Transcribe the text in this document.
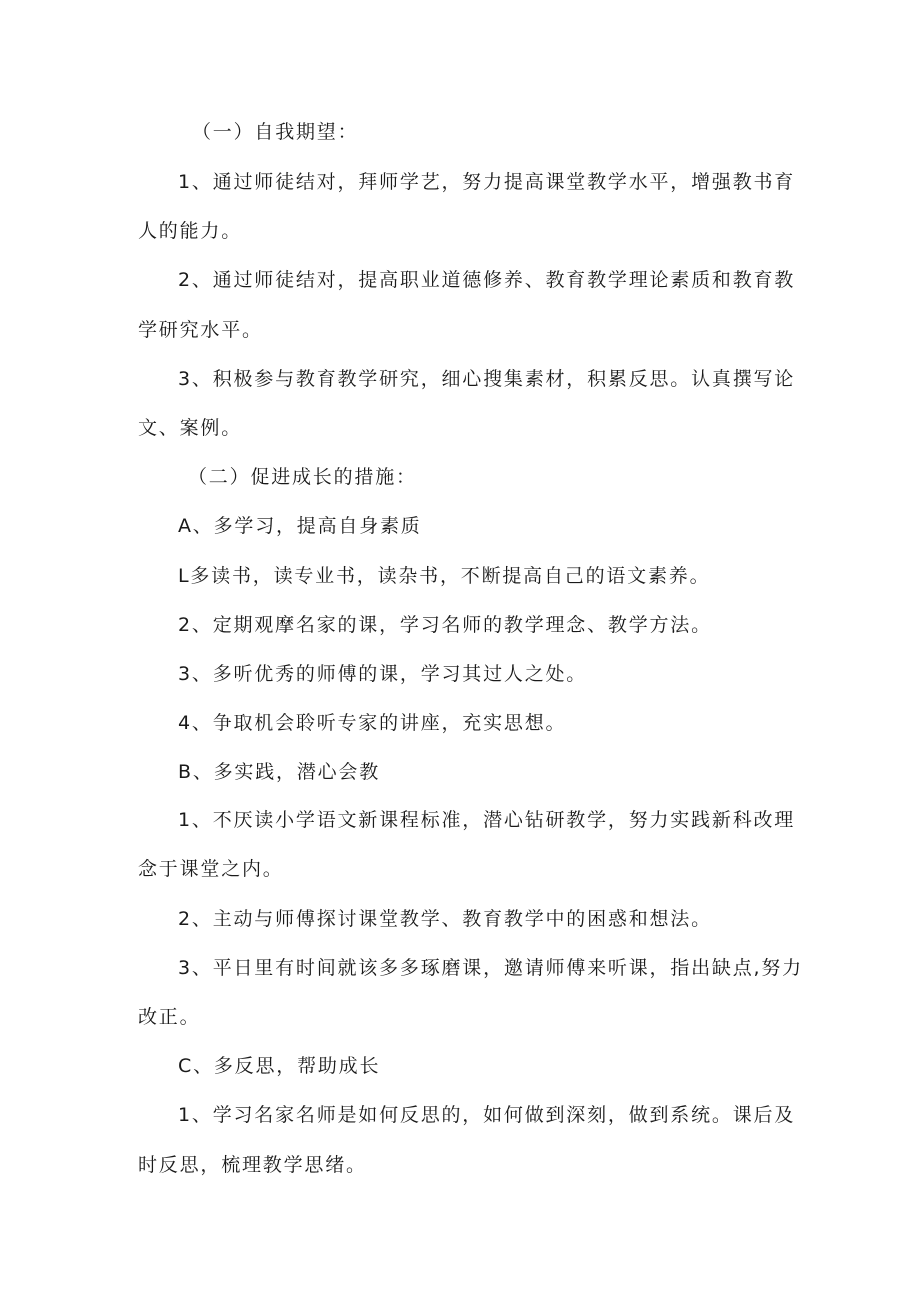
（一）自我期望：
1、通过师徒结对，拜师学艺，努力提高课堂教学水平，增强教书育
人的能力。
2、通过师徒结对，提高职业道德修养、教育教学理论素质和教育教
学研究水平。
3、积极参与教育教学研究，细心搜集素材，积累反思。认真撰写论
文、案例。
（二）促进成长的措施：
A、多学习，提高自身素质
L多读书，读专业书，读杂书，不断提高自己的语文素养。
2、定期观摩名家的课，学习名师的教学理念、教学方法。
3、多听优秀的师傅的课，学习其过人之处。
4、争取机会聆听专家的讲座，充实思想。
B、多实践，潜心会教
1、不厌读小学语文新课程标准，潜心钻研教学，努力实践新科改理
念于课堂之内。
2、主动与师傅探讨课堂教学、教育教学中的困惑和想法。
3、平日里有时间就该多多琢磨课，邀请师傅来听课，指出缺点,努力
改正。
C、多反思，帮助成长
1、学习名家名师是如何反思的，如何做到深刻，做到系统。课后及
时反思，梳理教学思绪。
